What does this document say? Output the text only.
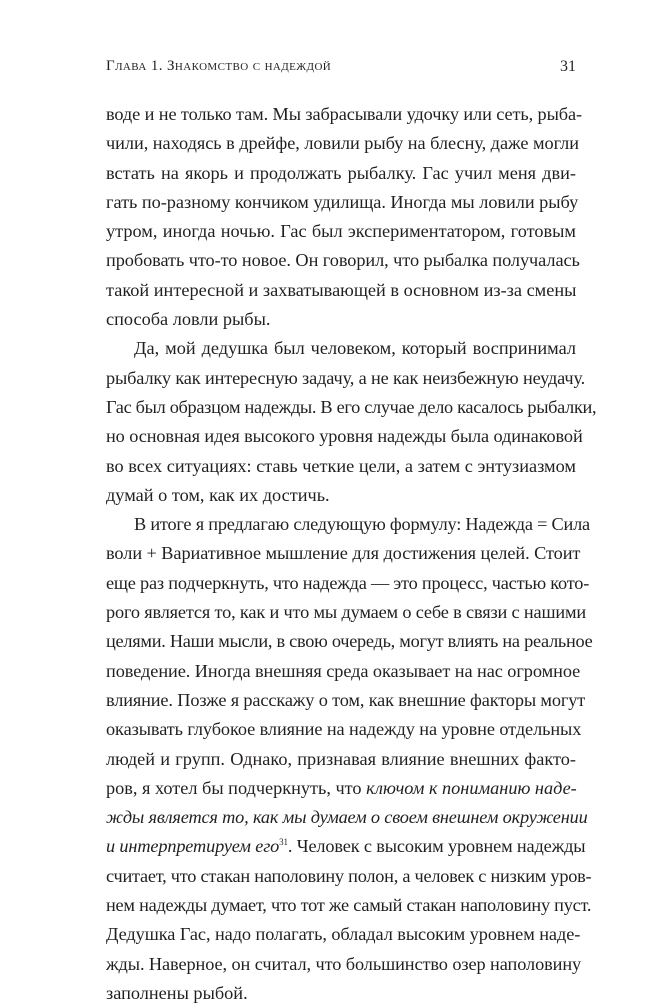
Глава 1. Знакомство с надеждой	31
воде и не только там. Мы забрасывали удочку или сеть, рыба-
чили, находясь в дрейфе, ловили рыбу на блесну, даже могли
встать на якорь и продолжать рыбалку. Гас учил меня дви-
гать по-разному кончиком удилища. Иногда мы ловили рыбу
утром, иногда ночью. Гас был экспериментатором, готовым
пробовать что-то новое. Он говорил, что рыбалка получалась
такой интересной и захватывающей в основном из-за смены
способа ловли рыбы.
Да, мой дедушка был человеком, который воспринимал
рыбалку как интересную задачу, а не как неизбежную неудачу.
Гас был образцом надежды. В его случае дело касалось рыбалки,
но основная идея высокого уровня надежды была одинаковой
во всех ситуациях: ставь четкие цели, а затем с энтузиазмом
думай о том, как их достичь.
В итоге я предлагаю следующую формулу: Надежда = Сила
воли + Вариативное мышление для достижения целей. Стоит
еще раз подчеркнуть, что надежда — это процесс, частью кото-
рого является то, как и что мы думаем о себе в связи с нашими
целями. Наши мысли, в свою очередь, могут влиять на реальное
поведение. Иногда внешняя среда оказывает на нас огромное
влияние. Позже я расскажу о том, как внешние факторы могут
оказывать глубокое влияние на надежду на уровне отдельных
людей и групп. Однако, признавая влияние внешних факто-
ров, я хотел бы подчеркнуть, что ключом к пониманию наде-
жды является то, как мы думаем о своем внешнем окружении
и интерпретируем его$^{31}$. Человек с высоким уровнем надежды
считает, что стакан наполовину полон, а человек с низким уров-
нем надежды думает, что тот же самый стакан наполовину пуст.
Дедушка Гас, надо полагать, обладал высоким уровнем наде-
жды. Наверное, он считал, что большинство озер наполовину
заполнены рыбой.
